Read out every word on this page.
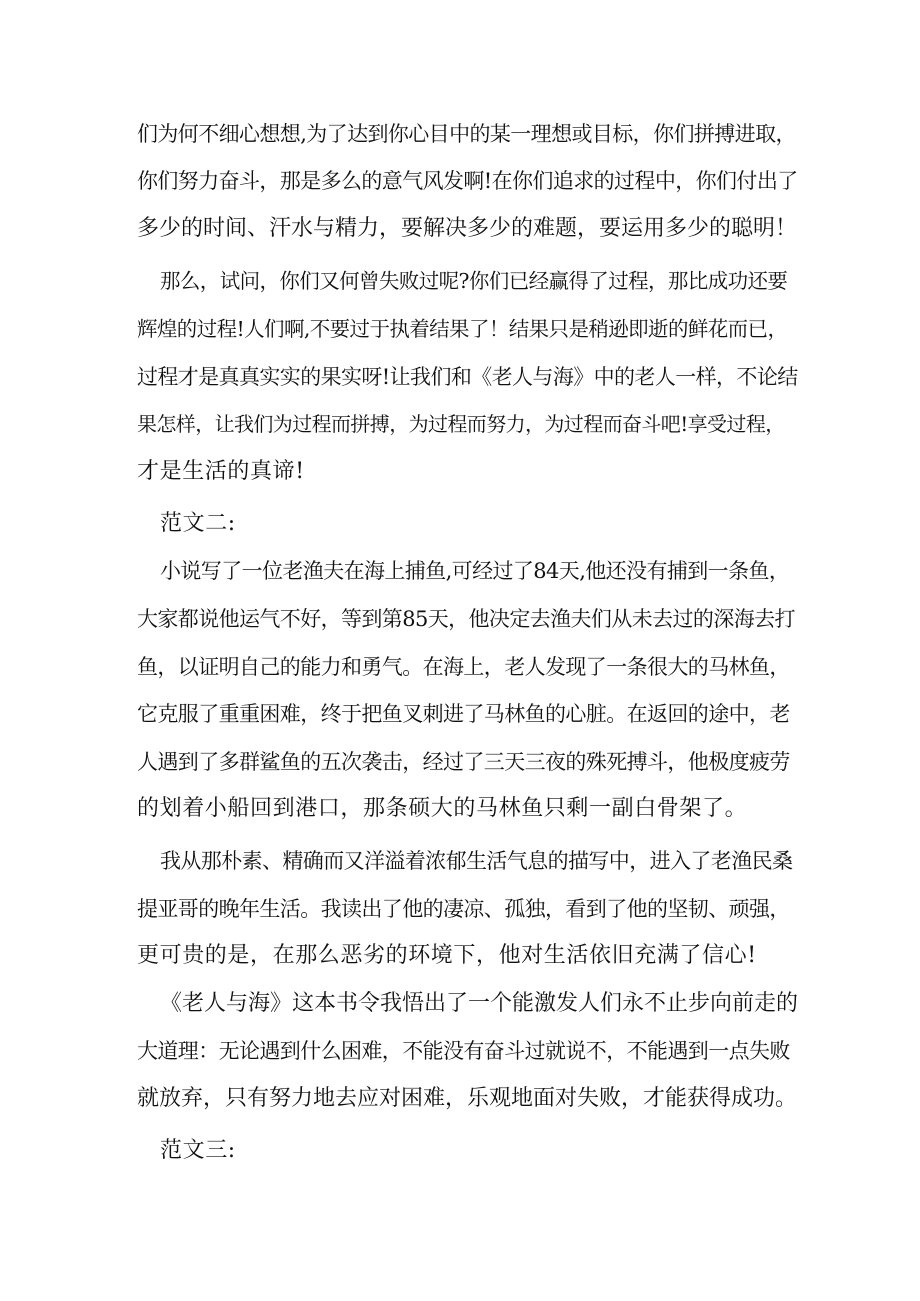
们为何不细心想想,为了达到你心目中的某一理想或目标，你们拼搏进取，
你们努力奋斗，那是多么的意气风发啊!在你们追求的过程中，你们付出了
多少的时间、汗水与精力，要解决多少的难题，要运用多少的聪明！
那么，试问，你们又何曾失败过呢?你们已经赢得了过程，那比成功还要
辉煌的过程!人们啊,不要过于执着结果了！结果只是稍逊即逝的鲜花而已，
过程才是真真实实的果实呀!让我们和《老人与海》中的老人一样，不论结
果怎样，让我们为过程而拼搏，为过程而努力，为过程而奋斗吧!享受过程，
才是生活的真谛!
范文二:
小说写了一位老渔夫在海上捕鱼,可经过了84天,他还没有捕到一条鱼，
大家都说他运气不好，等到第85天，他决定去渔夫们从未去过的深海去打
鱼，以证明自己的能力和勇气。在海上，老人发现了一条很大的马林鱼，
它克服了重重困难，终于把鱼叉刺进了马林鱼的心脏。在返回的途中，老
人遇到了多群鲨鱼的五次袭击，经过了三天三夜的殊死搏斗，他极度疲劳
的划着小船回到港口，那条硕大的马林鱼只剩一副白骨架了。
我从那朴素、精确而又洋溢着浓郁生活气息的描写中，进入了老渔民桑
提亚哥的晚年生活。我读出了他的凄凉、孤独，看到了他的坚韧、顽强，
更可贵的是，在那么恶劣的环境下，他对生活依旧充满了信心!
《老人与海》这本书令我悟出了一个能激发人们永不止步向前走的
大道理：无论遇到什么困难，不能没有奋斗过就说不，不能遇到一点失败
就放弃，只有努力地去应对困难，乐观地面对失败，才能获得成功。
范文三:
